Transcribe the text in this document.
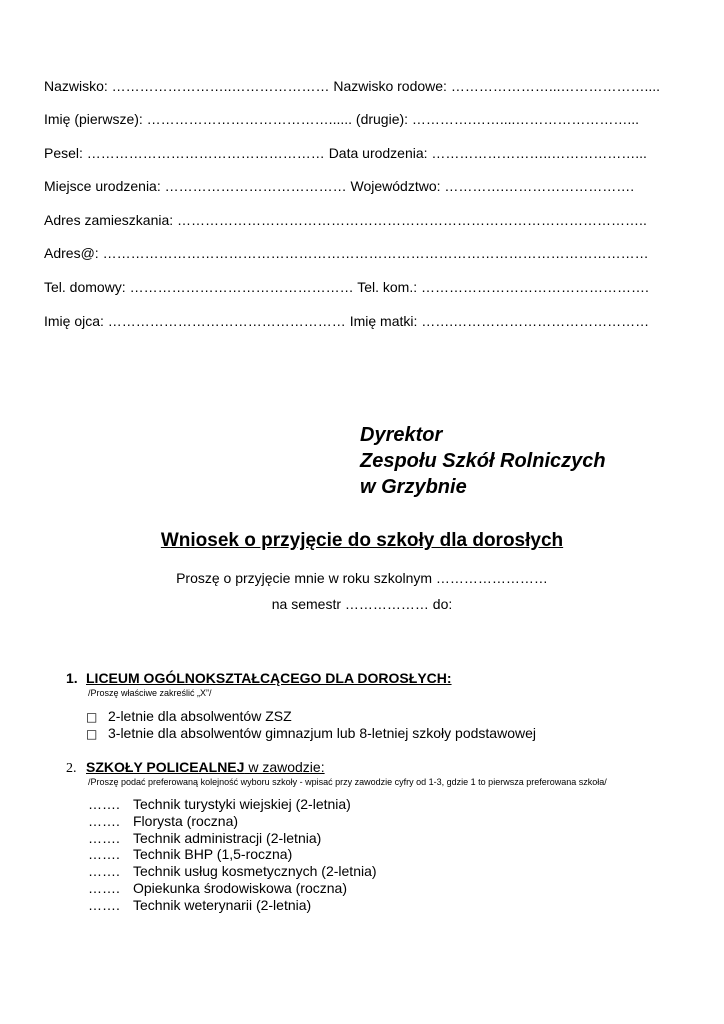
Nazwisko: ……………………..………………… Nazwisko rodowe: …………………...………………....
Imię (pierwsze): …………………………………...... (drugie): ………….……....……………………...
Pesel: …………………………………………… Data urodzenia: ……………………..………………...
Miejsce urodzenia: ………………………………… Województwo: ………….……………………….
Adres zamieszkania: ………………………………………………………………………………………..
Adres@: ………………………………………………………………………………………………………
Tel. domowy: ………………………………………… Tel. kom.: ………………………………………….
Imię ojca: …………………………………………… Imię matki: …….……………………………………
Dyrektor
Zespołu Szkół Rolniczych
w Grzybnie
Wniosek o przyjęcie do szkoły dla dorosłych
Proszę o przyjęcie mnie w roku szkolnym ……………………
na semestr ……………… do:
1. LICEUM OGÓLNOKSZTAŁCĄCEGO DLA DOROSŁYCH:
/Proszę właściwe zakreślić „X”/
□ 2-letnie dla absolwentów ZSZ
□ 3-letnie dla absolwentów gimnazjum lub 8-letniej szkoły podstawowej
2. SZKOŁY POLICEALNEJ w zawodzie:
/Proszę podać preferowaną kolejność wyboru szkoły - wpisać przy zawodzie cyfry od 1-3, gdzie 1 to pierwsza preferowana szkoła/
……. Technik turystyki wiejskiej (2-letnia)
……. Florysta (roczna)
……. Technik administracji (2-letnia)
……. Technik BHP (1,5-roczna)
……. Technik usług kosmetycznych (2-letnia)
……. Opiekunka środowiskowa (roczna)
……. Technik weterynarii (2-letnia)
